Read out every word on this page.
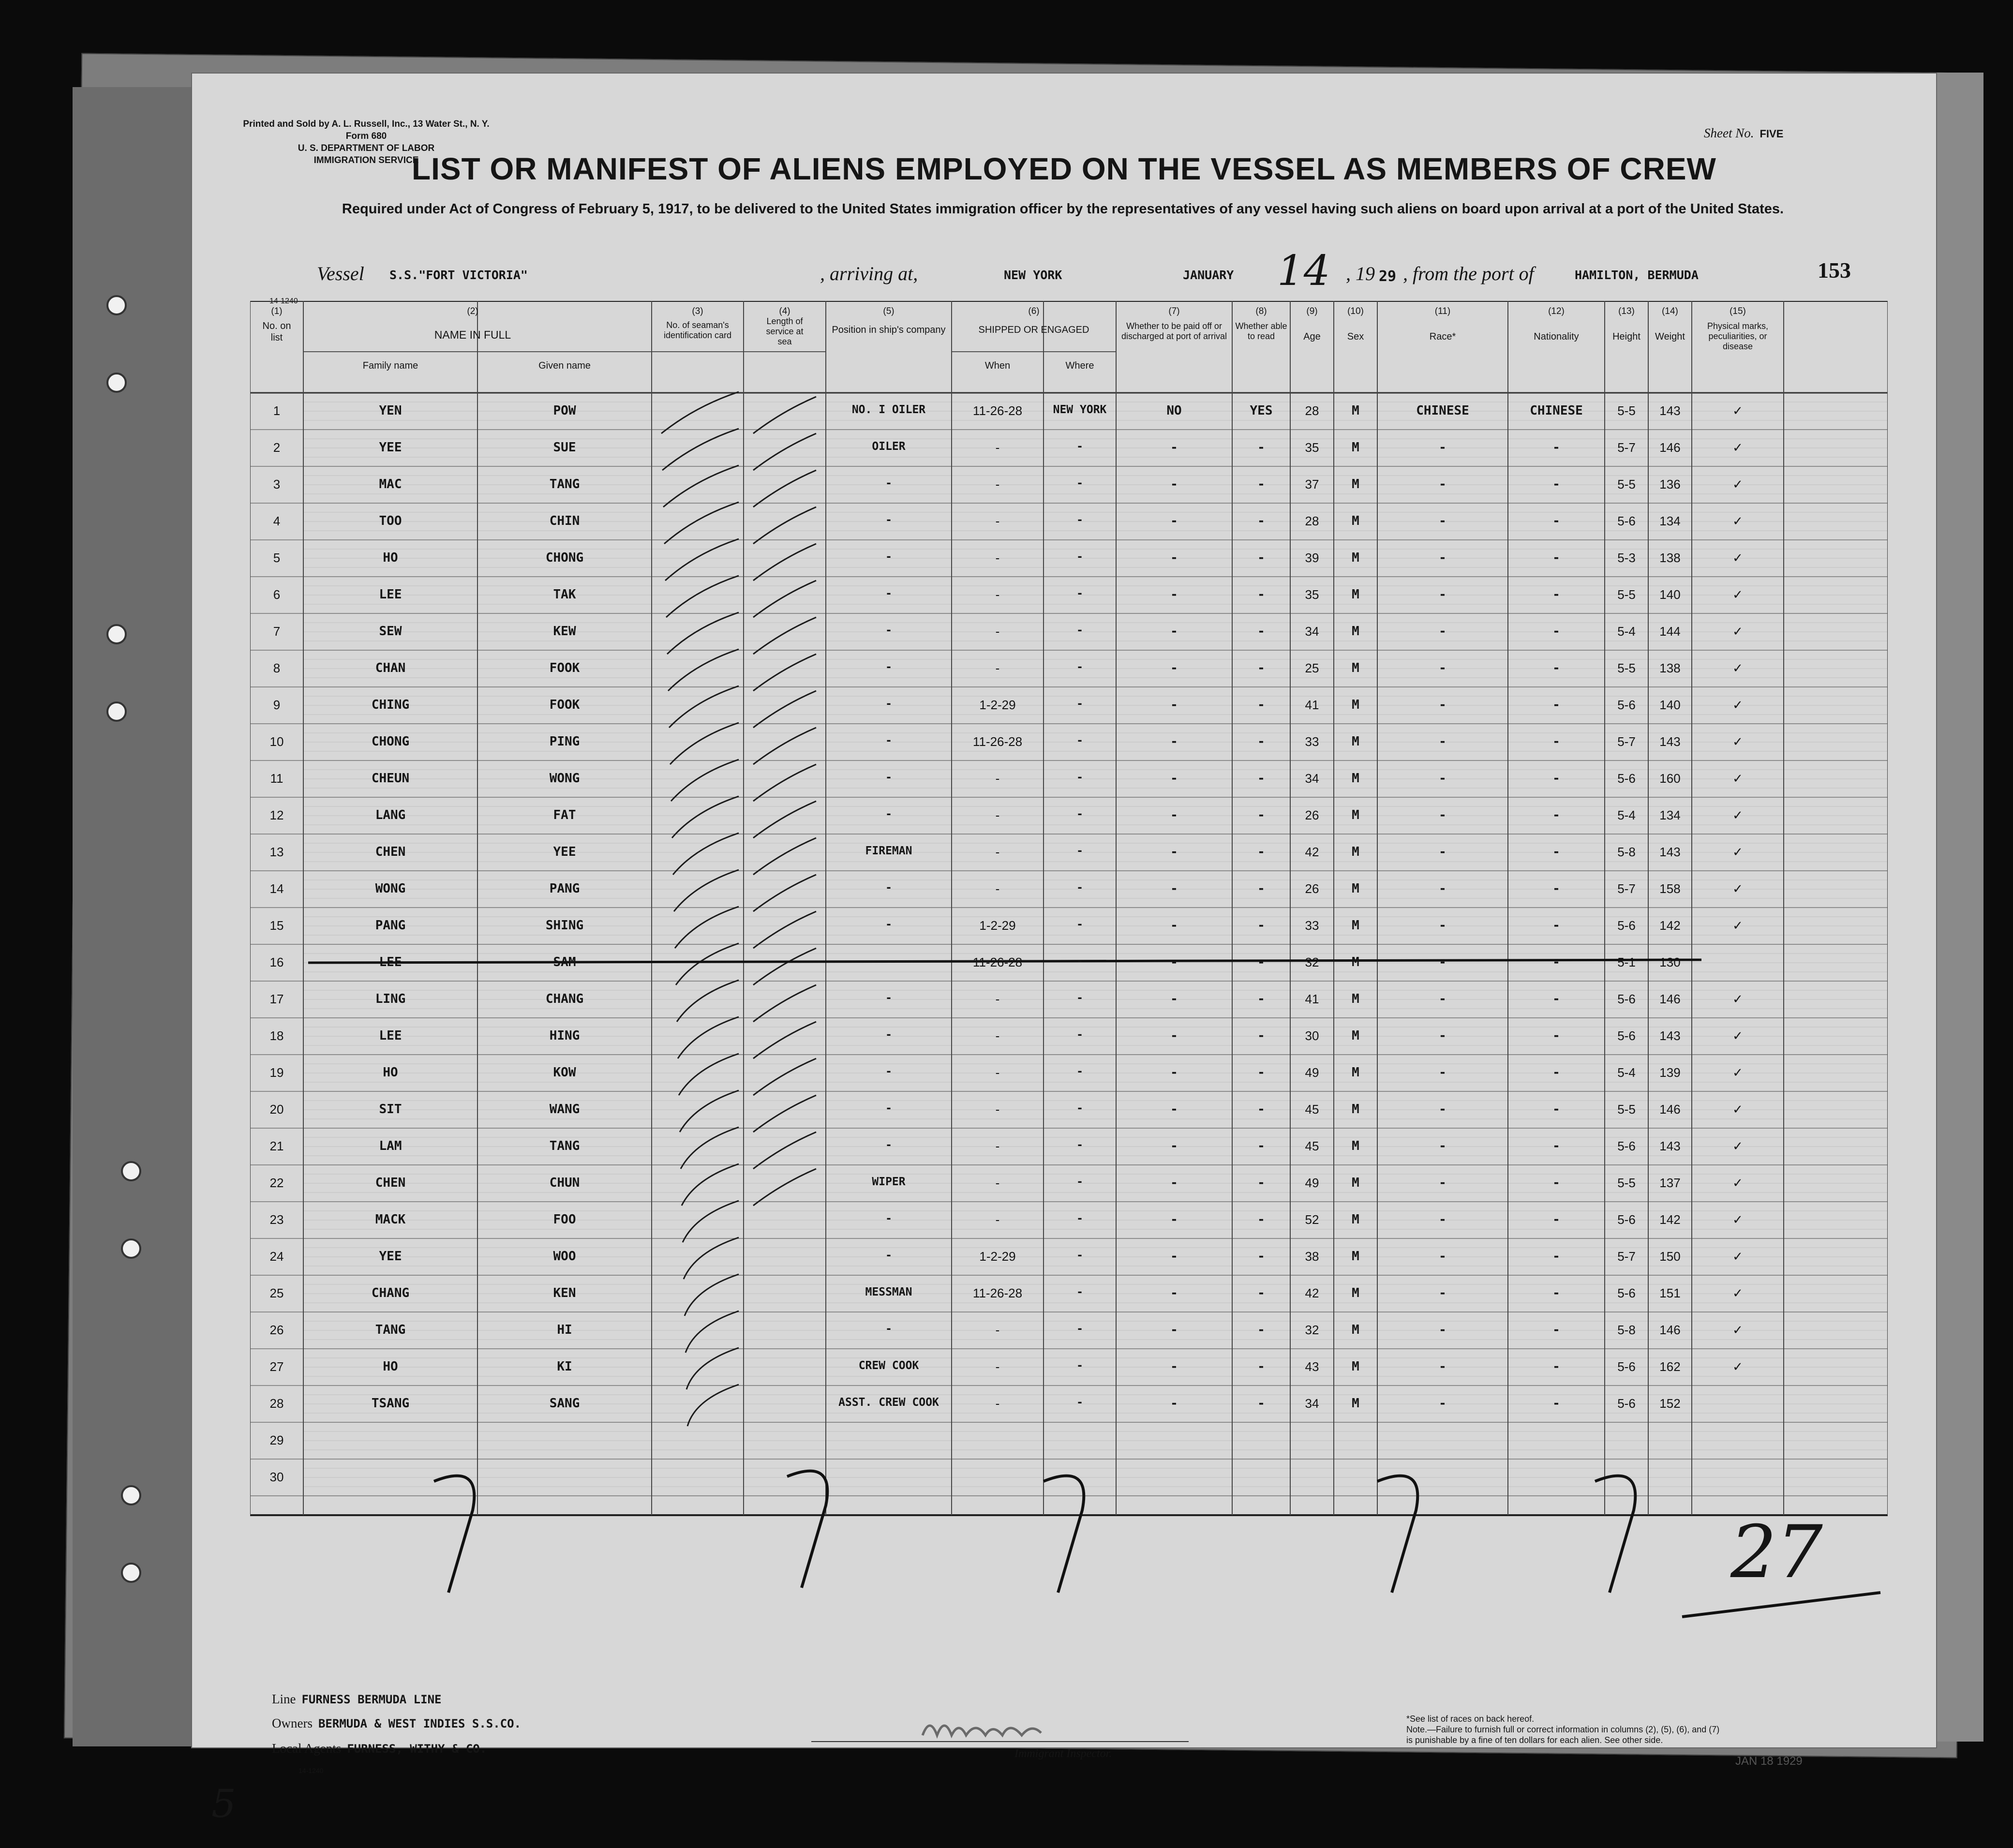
Printed and Sold by A. L. Russell, Inc., 13 Water St., N. Y.
Form 680
U. S. DEPARTMENT OF LABOR
IMMIGRATION SERVICE
Sheet No. FIVE
LIST OR MANIFEST OF ALIENS EMPLOYED ON THE VESSEL AS MEMBERS OF CREW
Required under Act of Congress of February 5, 1917, to be delivered to the United States immigration officer by the representatives of any vessel having such aliens on board upon arrival at a port of the United States.
Vessel S.S."FORT VICTORIA"	, arriving at,	NEW YORK	JANUARY 14 , 19 29 , from the port of	HAMILTON, BERMUDA	153
14-1240
(1)
No. on list
(2)
NAME IN FULL
Family name	Given name
(3)
No. of seaman's identification card
(4)
Length of service at sea
(5)
Position in ship's company
(6)
SHIPPED OR ENGAGED
When	Where
(7)
Whether to be paid off or discharged at port of arrival
(8)
Whether able to read
(9)
Age
(10)
Sex
(11)
Race*
(12)
Nationality
(13)
Height
(14)
Weight
(15)
Physical marks, peculiarities, or disease
1	YEN	POW	NO. I OILER	11-26-28	NEW YORK	NO	YES	28	M	CHINESE	CHINESE	5-5	143	✓
2	YEE	SUE	OILER	-	-	-	-	35	M	-	-	5-7	146	✓
3	MAC	TANG	-	-	-	-	-	37	M	-	-	5-5	136	✓
4	TOO	CHIN	-	-	-	-	-	28	M	-	-	5-6	134	✓
5	HO	CHONG	-	-	-	-	-	39	M	-	-	5-3	138	✓
6	LEE	TAK	-	-	-	-	-	35	M	-	-	5-5	140	✓
7	SEW	KEW	-	-	-	-	-	34	M	-	-	5-4	144	✓
8	CHAN	FOOK	-	-	-	-	-	25	M	-	-	5-5	138	✓
9	CHING	FOOK	-	1-2-29	-	-	-	41	M	-	-	5-6	140	✓
10	CHONG	PING	-	11-26-28	-	-	-	33	M	-	-	5-7	143	✓
11	CHEUN	WONG	-	-	-	-	-	34	M	-	-	5-6	160	✓
12	LANG	FAT	-	-	-	-	-	26	M	-	-	5-4	134	✓
13	CHEN	YEE	FIREMAN	-	-	-	-	42	M	-	-	5-8	143	✓
14	WONG	PANG	-	-	-	-	-	26	M	-	-	5-7	158	✓
15	PANG	SHING	-	1-2-29	-	-	-	33	M	-	-	5-6	142	✓
16	LEE	SAM	-	11-26-28	-	-	-	32	M	-	-	5-1	130
17	LING	CHANG	-	-	-	-	-	41	M	-	-	5-6	146	✓
18	LEE	HING	-	-	-	-	-	30	M	-	-	5-6	143	✓
19	HO	KOW	-	-	-	-	-	49	M	-	-	5-4	139	✓
20	SIT	WANG	-	-	-	-	-	45	M	-	-	5-5	146	✓
21	LAM	TANG	-	-	-	-	-	45	M	-	-	5-6	143	✓
22	CHEN	CHUN	WIPER	-	-	-	-	49	M	-	-	5-5	137	✓
23	MACK	FOO	-	-	-	-	-	52	M	-	-	5-6	142	✓
24	YEE	WOO	-	1-2-29	-	-	-	38	M	-	-	5-7	150	✓
25	CHANG	KEN	MESSMAN	11-26-28	-	-	-	42	M	-	-	5-6	151	✓
26	TANG	HI	-	-	-	-	-	32	M	-	-	5-8	146	✓
27	HO	KI	CREW COOK	-	-	-	-	43	M	-	-	5-6	162	✓
28	TSANG	SANG	ASST. CREW COOK	-	-	-	-	34	M	-	-	5-6	152
29
30
27
Line FURNESS BERMUDA LINE
Owners BERMUDA & WEST INDIES S.S.CO.
Local Agents FURNESS, WITHY & CO.
14-1240
5
Immigrant Inspector.
*See list of races on back hereof.
Note.—Failure to furnish full or correct information in columns (2), (5), (6), and (7) is punishable by a fine of ten dollars for each alien. See other side.
JAN 18 1929
